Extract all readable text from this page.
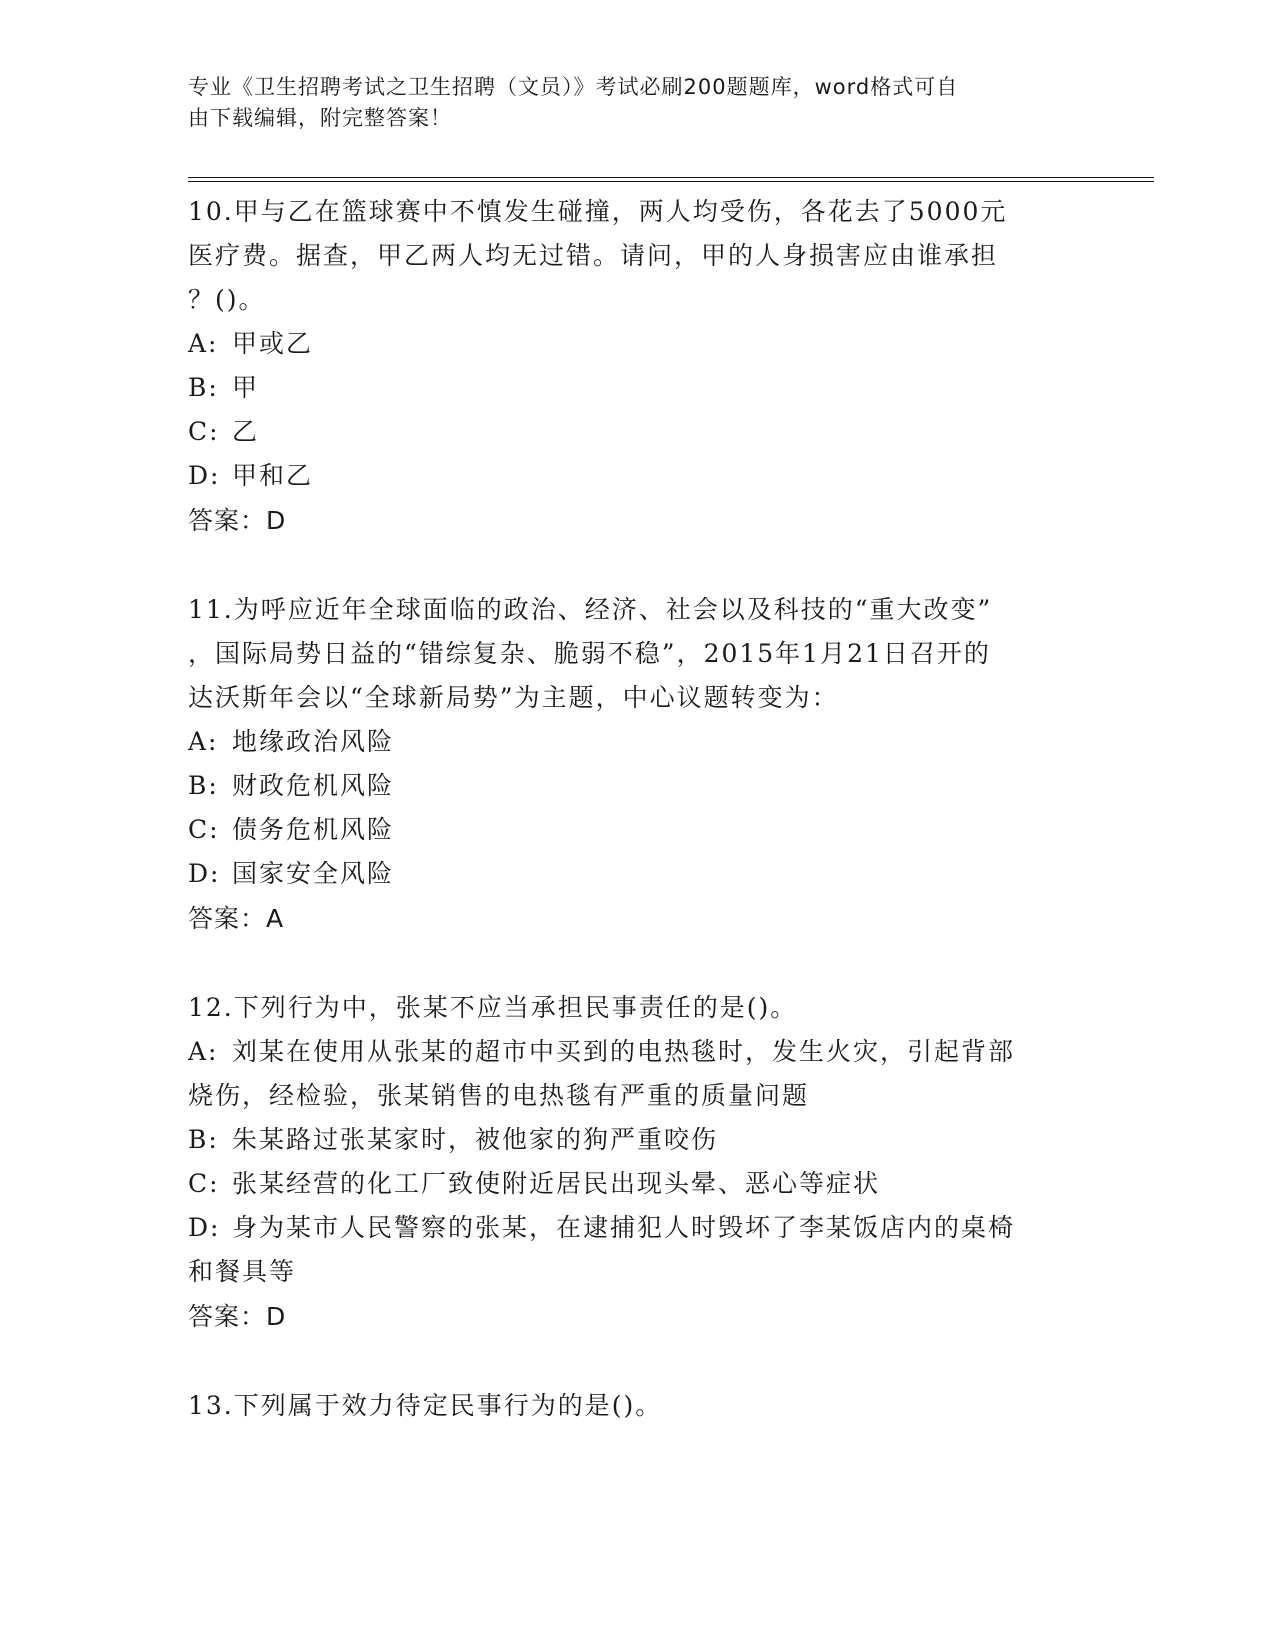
专业《卫生招聘考试之卫生招聘（文员）》考试必刷200题题库，word格式可自
由下载编辑，附完整答案！
10.甲与乙在篮球赛中不慎发生碰撞，两人均受伤，各花去了5000元
医疗费。据查，甲乙两人均无过错。请问，甲的人身损害应由谁承担
？()。
A: 甲或乙
B: 甲
C: 乙
D: 甲和乙
答案：D
11.为呼应近年全球面临的政治、经济、社会以及科技的“重大改变”
，国际局势日益的“错综复杂、脆弱不稳”，2015年1月21日召开的
达沃斯年会以“全球新局势”为主题，中心议题转变为：
A: 地缘政治风险
B: 财政危机风险
C: 债务危机风险
D: 国家安全风险
答案：A
12.下列行为中，张某不应当承担民事责任的是()。
A: 刘某在使用从张某的超市中买到的电热毯时，发生火灾，引起背部
烧伤，经检验，张某销售的电热毯有严重的质量问题
B: 朱某路过张某家时，被他家的狗严重咬伤
C: 张某经营的化工厂致使附近居民出现头晕、恶心等症状
D: 身为某市人民警察的张某，在逮捕犯人时毁坏了李某饭店内的桌椅
和餐具等
答案：D
13.下列属于效力待定民事行为的是()。
